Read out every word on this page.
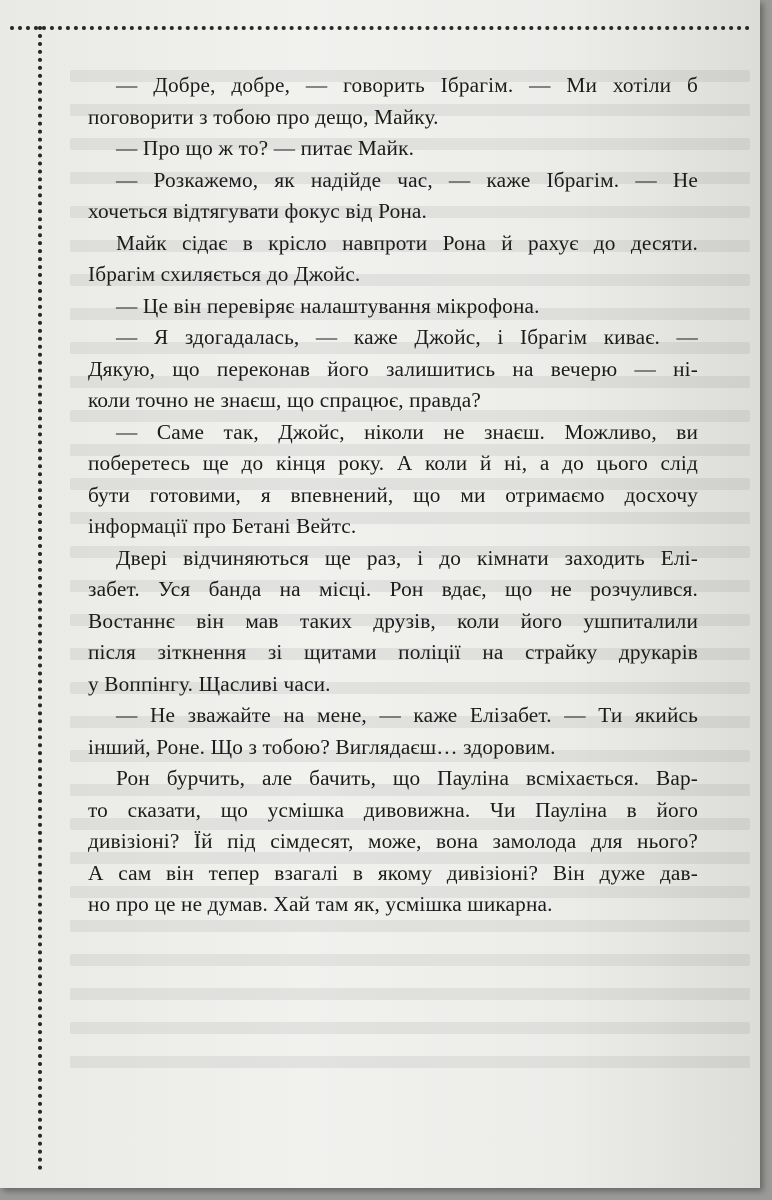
— Добре, добре, — говорить Ібрагім. — Ми хотіли б
поговорити з тобою про дещо, Майку.
— Про що ж то? — питає Майк.
— Розкажемо, як надійде час, — каже Ібрагім. — Не
хочеться відтягувати фокус від Рона.
Майк сідає в крісло навпроти Рона й рахує до десяти.
Ібрагім схиляється до Джойс.
— Це він перевіряє налаштування мікрофона.
— Я здогадалась, — каже Джойс, і Ібрагім киває. —
Дякую, що переконав його залишитись на вечерю — ні-
коли точно не знаєш, що спрацює, правда?
— Саме так, Джойс, ніколи не знаєш. Можливо, ви
поберетесь ще до кінця року. А коли й ні, а до цього слід
бути готовими, я впевнений, що ми отримаємо досхочу
інформації про Бетані Вейтс.
Двері відчиняються ще раз, і до кімнати заходить Елі-
забет. Уся банда на місці. Рон вдає, що не розчулився.
Востаннє він мав таких друзів, коли його ушпиталили
після зіткнення зі щитами поліції на страйку друкарів
у Воппінгу. Щасливі часи.
— Не зважайте на мене, — каже Елізабет. — Ти якийсь
інший, Роне. Що з тобою? Виглядаєш… здоровим.
Рон бурчить, але бачить, що Пауліна всміхається. Вар-
то сказати, що усмішка дивовижна. Чи Пауліна в його
дивізіоні? Їй під сімдесят, може, вона замолода для нього?
А сам він тепер взагалі в якому дивізіоні? Він дуже дав-
но про це не думав. Хай там як, усмішка шикарна.
